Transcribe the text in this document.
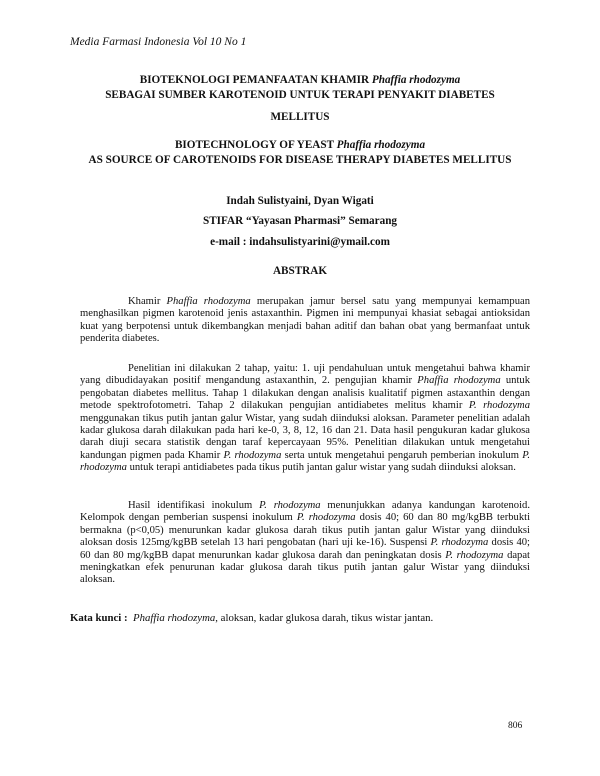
Media Farmasi Indonesia Vol 10 No 1
BIOTEKNOLOGI PEMANFAATAN KHAMIR Phaffia rhodozyma
SEBAGAI SUMBER KAROTENOID UNTUK TERAPI PENYAKIT DIABETES
MELLITUS
BIOTECHNOLOGY OF YEAST Phaffia rhodozyma
AS SOURCE OF CAROTENOIDS FOR DISEASE THERAPY DIABETES MELLITUS
Indah Sulistyaini, Dyan Wigati
STIFAR “Yayasan Pharmasi” Semarang
e-mail : indahsulistyarini@ymail.com
ABSTRAK
Khamir Phaffia rhodozyma merupakan jamur bersel satu yang mempunyai kemampuan menghasilkan pigmen karotenoid jenis astaxanthin. Pigmen ini mempunyai khasiat sebagai antioksidan kuat yang berpotensi untuk dikembangkan menjadi bahan aditif dan bahan obat yang bermanfaat untuk penderita diabetes.
Penelitian ini dilakukan 2 tahap, yaitu: 1. uji pendahuluan untuk mengetahui bahwa khamir yang dibudidayakan positif mengandung astaxanthin, 2. pengujian khamir Phaffia rhodozyma untuk pengobatan diabetes mellitus. Tahap 1 dilakukan dengan analisis kualitatif pigmen astaxanthin dengan metode spektrofotometri. Tahap 2 dilakukan pengujian antidiabetes melitus khamir P. rhodozyma menggunakan tikus putih jantan galur Wistar, yang sudah diinduksi aloksan. Parameter penelitian adalah kadar glukosa darah dilakukan pada hari ke-0, 3, 8, 12, 16 dan 21. Data hasil pengukuran kadar glukosa darah diuji secara statistik dengan taraf kepercayaan 95%. Penelitian dilakukan untuk mengetahui kandungan pigmen pada Khamir P. rhodozyma serta untuk mengetahui pengaruh pemberian inokulum P. rhodozyma untuk terapi antidiabetes pada tikus putih jantan galur wistar yang sudah diinduksi aloksan.
Hasil identifikasi inokulum P. rhodozyma menunjukkan adanya kandungan karotenoid. Kelompok dengan pemberian suspensi inokulum P. rhodozyma dosis 40; 60 dan 80 mg/kgBB terbukti bermakna (p<0,05) menurunkan kadar glukosa darah tikus putih jantan galur Wistar yang diinduksi aloksan dosis 125mg/kgBB setelah 13 hari pengobatan (hari uji ke-16). Suspensi P. rhodozyma dosis 40; 60 dan 80 mg/kgBB dapat menurunkan kadar glukosa darah dan peningkatan dosis P. rhodozyma dapat meningkatkan efek penurunan kadar glukosa darah tikus putih jantan galur Wistar yang diinduksi aloksan.
Kata kunci : Phaffia rhodozyma, aloksan, kadar glukosa darah, tikus wistar jantan.
806
